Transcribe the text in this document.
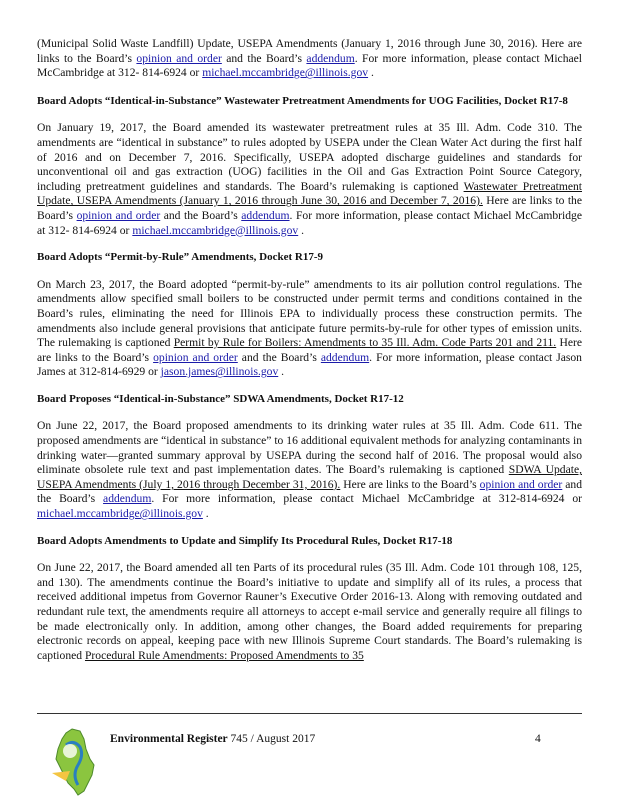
(Municipal Solid Waste Landfill) Update, USEPA Amendments (January 1, 2016 through June 30, 2016). Here are links to the Board’s opinion and order and the Board’s addendum. For more information, please contact Michael McCambridge at 312- 814-6924 or michael.mccambridge@illinois.gov .

Board Adopts “Identical-in-Substance” Wastewater Pretreatment Amendments for UOG Facilities, Docket R17-8

On January 19, 2017, the Board amended its wastewater pretreatment rules at 35 Ill. Adm. Code 310. The amendments are “identical in substance” to rules adopted by USEPA under the Clean Water Act during the first half of 2016 and on December 7, 2016. Specifically, USEPA adopted discharge guidelines and standards for unconventional oil and gas extraction (UOG) facilities in the Oil and Gas Extraction Point Source Category, including pretreatment guidelines and standards. The Board’s rulemaking is captioned Wastewater Pretreatment Update, USEPA Amendments (January 1, 2016 through June 30, 2016 and December 7, 2016). Here are links to the Board’s opinion and order and the Board’s addendum. For more information, please contact Michael McCambridge at 312- 814-6924 or michael.mccambridge@illinois.gov .

Board Adopts “Permit-by-Rule” Amendments, Docket R17-9

On March 23, 2017, the Board adopted “permit-by-rule” amendments to its air pollution control regulations. The amendments allow specified small boilers to be constructed under permit terms and conditions contained in the Board’s rules, eliminating the need for Illinois EPA to individually process these construction permits. The amendments also include general provisions that anticipate future permits-by-rule for other types of emission units. The rulemaking is captioned Permit by Rule for Boilers: Amendments to 35 Ill. Adm. Code Parts 201 and 211. Here are links to the Board’s opinion and order and the Board’s addendum. For more information, please contact Jason James at 312-814-6929 or jason.james@illinois.gov .

Board Proposes “Identical-in-Substance” SDWA Amendments, Docket R17-12

On June 22, 2017, the Board proposed amendments to its drinking water rules at 35 Ill. Adm. Code 611. The proposed amendments are “identical in substance” to 16 additional equivalent methods for analyzing contaminants in drinking water—granted summary approval by USEPA during the second half of 2016. The proposal would also eliminate obsolete rule text and past implementation dates. The Board’s rulemaking is captioned SDWA Update, USEPA Amendments (July 1, 2016 through December 31, 2016). Here are links to the Board’s opinion and order and the Board’s addendum. For more information, please contact Michael McCambridge at 312-814-6924 or michael.mccambridge@illinois.gov .

Board Adopts Amendments to Update and Simplify Its Procedural Rules, Docket R17-18

On June 22, 2017, the Board amended all ten Parts of its procedural rules (35 Ill. Adm. Code 101 through 108, 125, and 130). The amendments continue the Board’s initiative to update and simplify all of its rules, a process that received additional impetus from Governor Rauner’s Executive Order 2016-13. Along with removing outdated and redundant rule text, the amendments require all attorneys to accept e-mail service and generally require all filings to be made electronically only. In addition, among other changes, the Board added requirements for preparing electronic records on appeal, keeping pace with new Illinois Supreme Court standards. The Board’s rulemaking is captioned Procedural Rule Amendments: Proposed Amendments to 35

Environmental Register 745 / August 2017	4
